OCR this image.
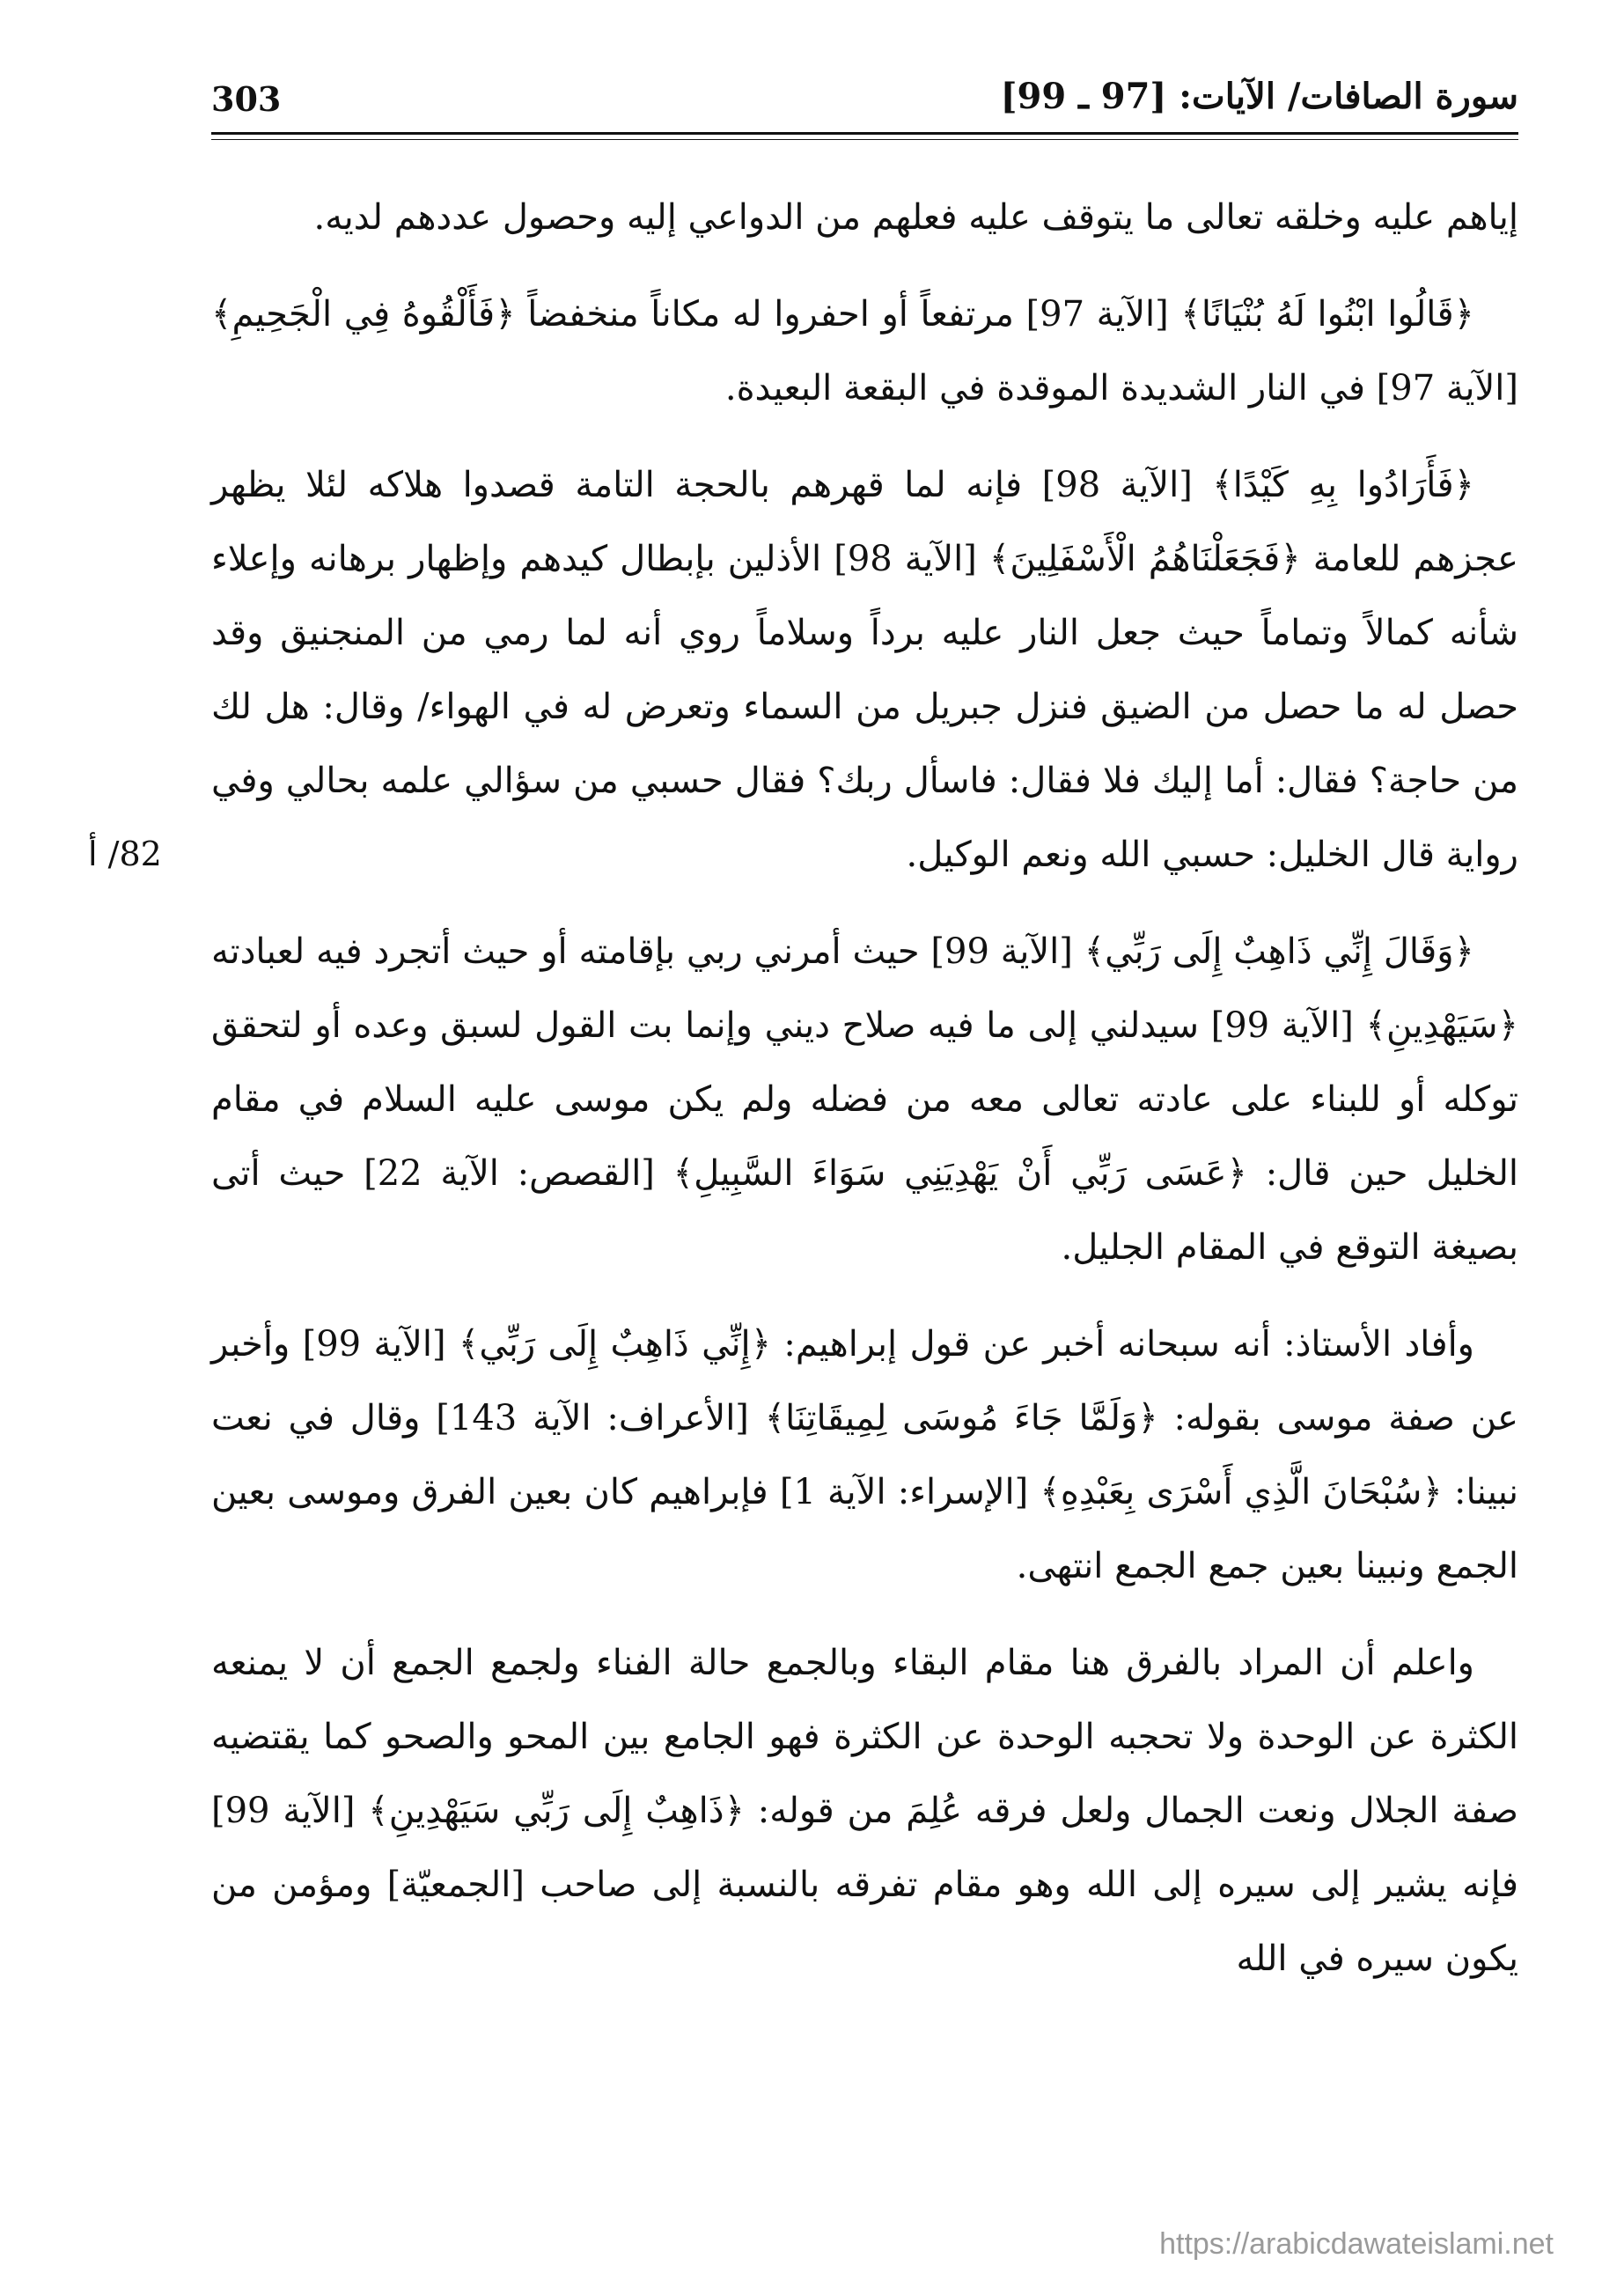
303	سورة الصافات/ الآيات: [97 ـ 99]
82/ أ

إياهم عليه وخلقه تعالى ما يتوقف عليه فعلهم من الدواعي إليه وحصول عددهم لديه.

﴿قَالُوا ابْنُوا لَهُ بُنْيَانًا﴾ [الآية 97] مرتفعاً أو احفروا له مكاناً منخفضاً ﴿فَأَلْقُوهُ فِي الْجَحِيمِ﴾ [الآية 97] في النار الشديدة الموقدة في البقعة البعيدة.

﴿فَأَرَادُوا بِهِ كَيْدًا﴾ [الآية 98] فإنه لما قهرهم بالحجة التامة قصدوا هلاكه لئلا يظهر عجزهم للعامة ﴿فَجَعَلْنَاهُمُ الْأَسْفَلِينَ﴾ [الآية 98] الأذلين بإبطال كيدهم وإظهار برهانه وإعلاء شأنه كمالاً وتماماً حيث جعل النار عليه برداً وسلاماً روي أنه لما رمي من المنجنيق وقد حصل له ما حصل من الضيق فنزل جبريل من السماء وتعرض له في الهواء/ وقال: هل لك من حاجة؟ فقال: أما إليك فلا فقال: فاسأل ربك؟ فقال حسبي من سؤالي علمه بحالي وفي رواية قال الخليل: حسبي الله ونعم الوكيل.

﴿وَقَالَ إِنِّي ذَاهِبٌ إِلَى رَبِّي﴾ [الآية 99] حيث أمرني ربي بإقامته أو حيث أتجرد فيه لعبادته ﴿سَيَهْدِينِ﴾ [الآية 99] سيدلني إلى ما فيه صلاح ديني وإنما بت القول لسبق وعده أو لتحقق توكله أو للبناء على عادته تعالى معه من فضله ولم يكن موسى عليه السلام في مقام الخليل حين قال: ﴿عَسَى رَبِّي أَنْ يَهْدِيَنِي سَوَاءَ السَّبِيلِ﴾ [القصص: الآية 22] حيث أتى بصيغة التوقع في المقام الجليل.

وأفاد الأستاذ: أنه سبحانه أخبر عن قول إبراهيم: ﴿إِنِّي ذَاهِبٌ إِلَى رَبِّي﴾ [الآية 99] وأخبر عن صفة موسى بقوله: ﴿وَلَمَّا جَاءَ مُوسَى لِمِيقَاتِنَا﴾ [الأعراف: الآية 143] وقال في نعت نبينا: ﴿سُبْحَانَ الَّذِي أَسْرَى بِعَبْدِهِ﴾ [الإسراء: الآية 1] فإبراهيم كان بعين الفرق وموسى بعين الجمع ونبينا بعين جمع الجمع انتهى.

واعلم أن المراد بالفرق هنا مقام البقاء وبالجمع حالة الفناء ولجمع الجمع أن لا يمنعه الكثرة عن الوحدة ولا تحجبه الوحدة عن الكثرة فهو الجامع بين المحو والصحو كما يقتضيه صفة الجلال ونعت الجمال ولعل فرقه عُلِمَ من قوله: ﴿ذَاهِبٌ إِلَى رَبِّي سَيَهْدِينِ﴾ [الآية 99] فإنه يشير إلى سيره إلى الله وهو مقام تفرقه بالنسبة إلى صاحب [الجمعيّة] ومؤمن من يكون سيره في الله

https://arabicdawateislami.net
